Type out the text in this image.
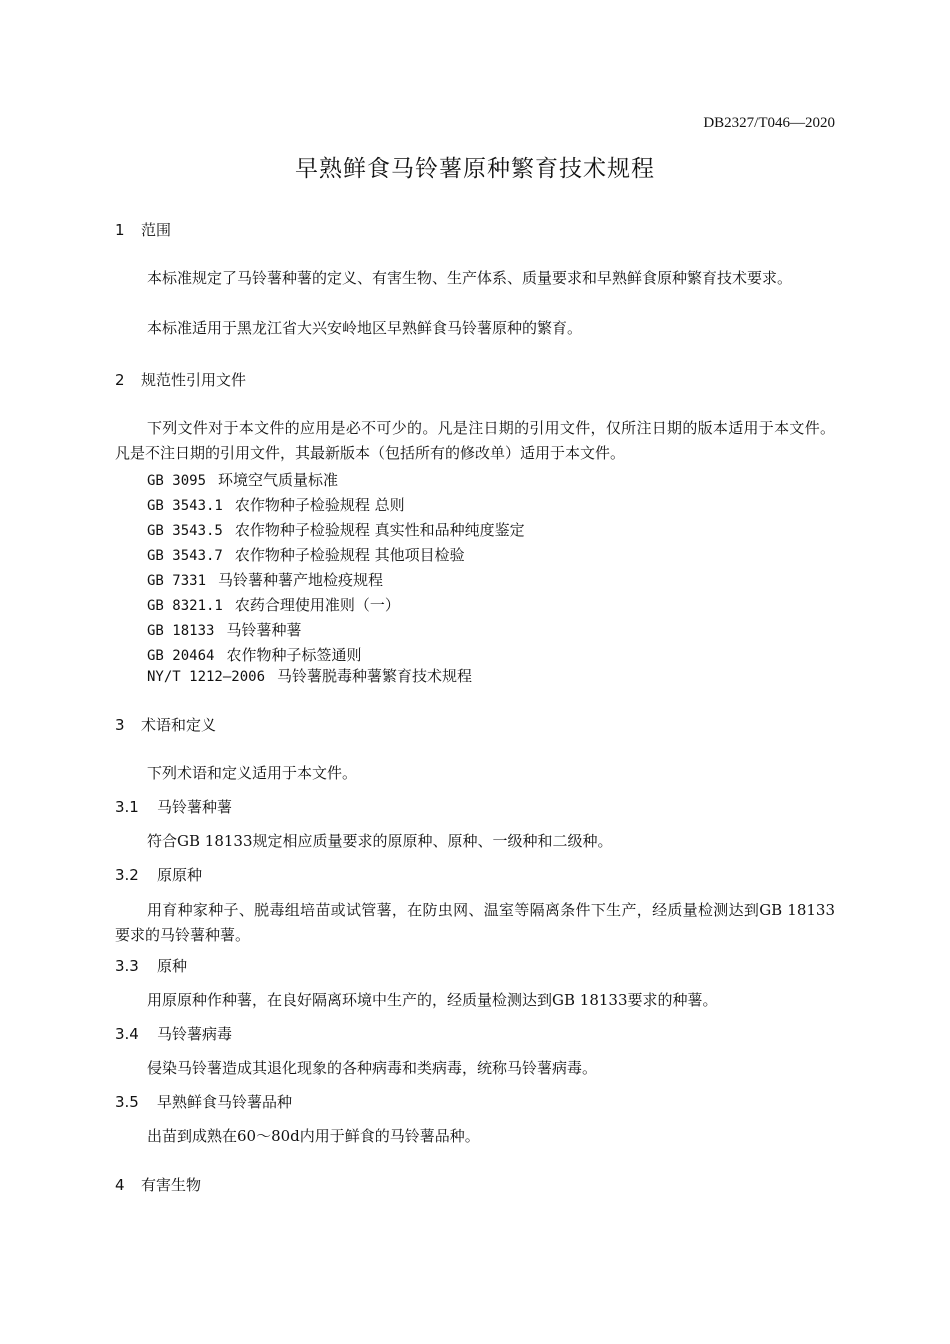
DB2327/T046—2020
早熟鲜食马铃薯原种繁育技术规程
1 范围
本标准规定了马铃薯种薯的定义、有害生物、生产体系、质量要求和早熟鲜食原种繁育技术要求。
本标准适用于黑龙江省大兴安岭地区早熟鲜食马铃薯原种的繁育。
2 规范性引用文件
下列文件对于本文件的应用是必不可少的。凡是注日期的引用文件，仅所注日期的版本适用于本文件。凡是不注日期的引用文件，其最新版本（包括所有的修改单）适用于本文件。
GB 3095 环境空气质量标准
GB 3543.1 农作物种子检验规程 总则
GB 3543.5 农作物种子检验规程 真实性和品种纯度鉴定
GB 3543.7 农作物种子检验规程 其他项目检验
GB 7331 马铃薯种薯产地检疫规程
GB 8321.1 农药合理使用准则（一）
GB 18133 马铃薯种薯
GB 20464 农作物种子标签通则
NY/T 1212—2006 马铃薯脱毒种薯繁育技术规程
3 术语和定义
下列术语和定义适用于本文件。
3.1 马铃薯种薯
符合GB 18133规定相应质量要求的原原种、原种、一级种和二级种。
3.2 原原种
用育种家种子、脱毒组培苗或试管薯，在防虫网、温室等隔离条件下生产，经质量检测达到GB 18133要求的马铃薯种薯。
3.3 原种
用原原种作种薯，在良好隔离环境中生产的，经质量检测达到GB 18133要求的种薯。
3.4 马铃薯病毒
侵染马铃薯造成其退化现象的各种病毒和类病毒，统称马铃薯病毒。
3.5 早熟鲜食马铃薯品种
出苗到成熟在60～80d内用于鲜食的马铃薯品种。
4 有害生物
